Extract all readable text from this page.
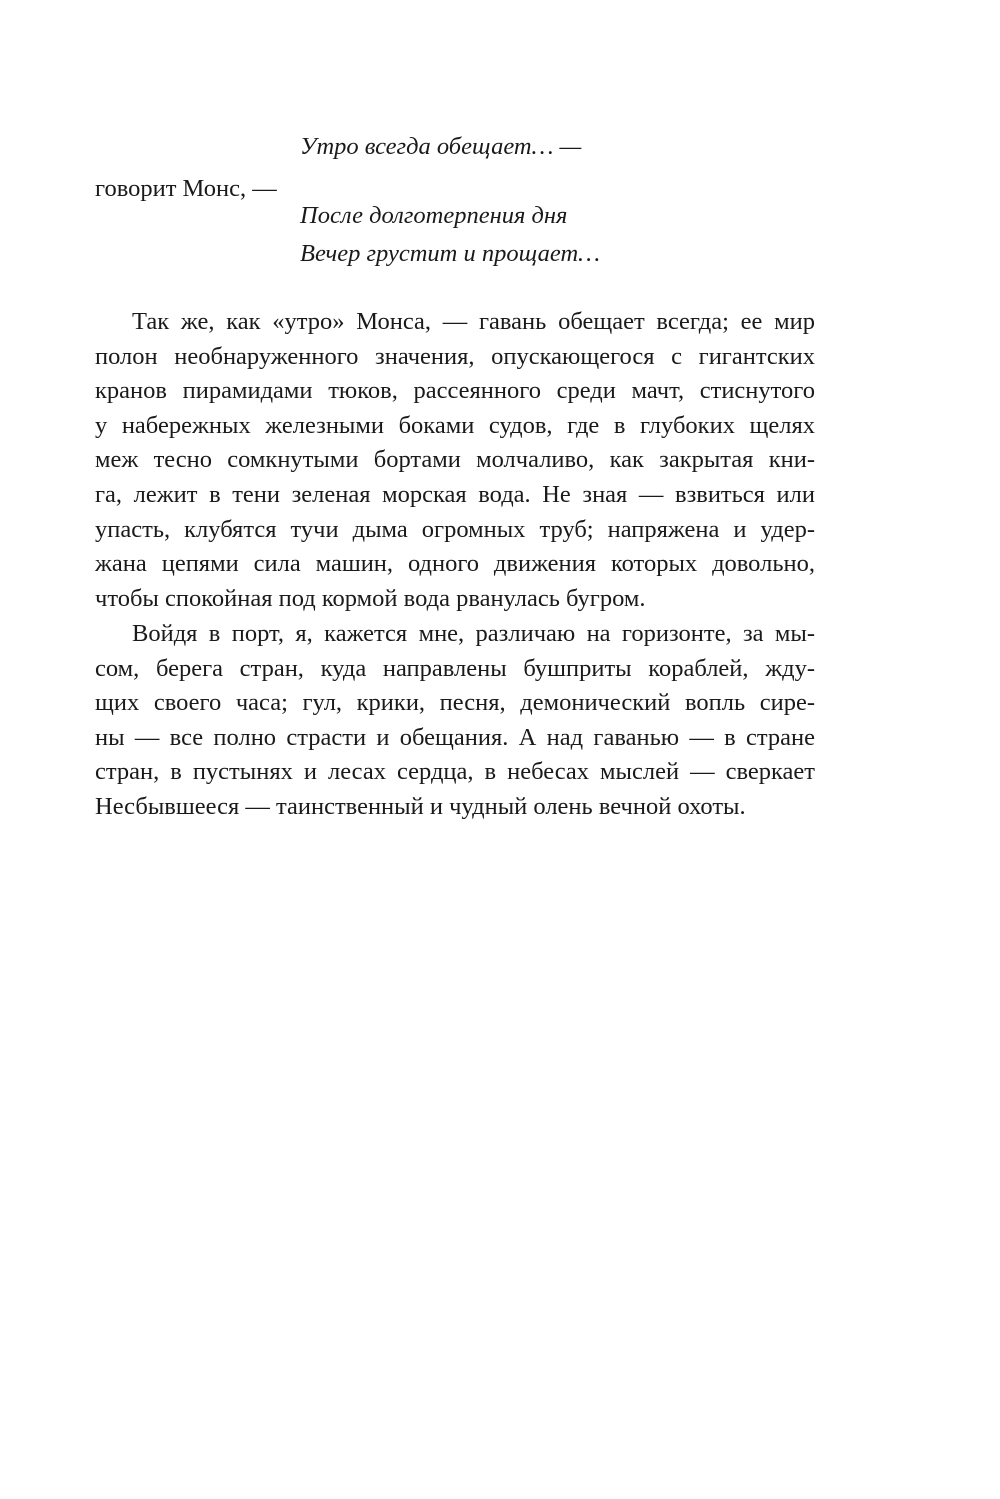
Утро всегда обещает… —
говорит Монс, —
После долготерпения дня
Вечер грустит и прощает…
Так же, как «утро» Монса, — гавань обещает всегда; ее мир
полон необнаруженного значения, опускающегося с гигантских
кранов пирамидами тюков, рассеянного среди мачт, стиснутого
у набережных железными боками судов, где в глубоких щелях
меж тесно сомкнутыми бортами молчаливо, как закрытая кни-
га, лежит в тени зеленая морская вода. Не зная — взвиться или
упасть, клубятся тучи дыма огромных труб; напряжена и удер-
жана цепями сила машин, одного движения которых довольно,
чтобы спокойная под кормой вода рванулась бугром.
Войдя в порт, я, кажется мне, различаю на горизонте, за мы-
сом, берега стран, куда направлены бушприты кораблей, жду-
щих своего часа; гул, крики, песня, демонический вопль сире-
ны — все полно страсти и обещания. А над гаванью — в стране
стран, в пустынях и лесах сердца, в небесах мыслей — сверкает
Несбывшееся — таинственный и чудный олень вечной охоты.
